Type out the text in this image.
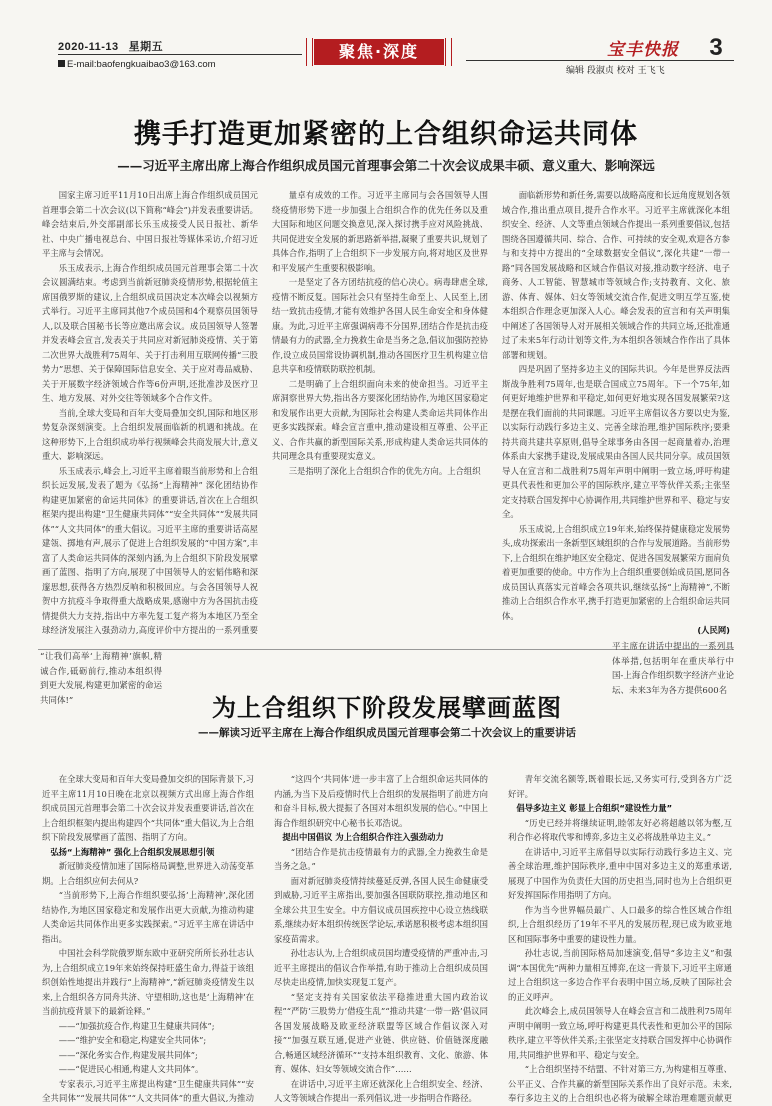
2020-11-13 星期五
E-mail:baofengkuaibao3@163.com
聚焦·深度	宝丰快报	3
编辑 段淑贞 校对 王飞飞
携手打造更加紧密的上合组织命运共同体
——习近平主席出席上海合作组织成员国元首理事会第二十次会议成果丰硕、意义重大、影响深远

国家主席习近平11月10日出席上海合作组织成员国元首理事会第二十次会议(以下简称“峰会”)并发表重要讲话。峰会结束后,外交部副部长乐玉成接受人民日报社、新华社、中央广播电视总台、中国日报社等媒体采访,介绍习近平主席与会情况。

乐玉成表示,上海合作组织成员国元首理事会第二十次会议圆满结束。考虑到当前新冠肺炎疫情形势,根据轮值主席国俄罗斯的建议,上合组织成员国决定本次峰会以视频方式举行。习近平主席同其他7个成员国和4个观察员国领导人,以及联合国秘书长等应邀出席会议。成员国领导人签署并发表峰会宣言,发表关于共同应对新冠肺炎疫情、关于第二次世界大战胜利75周年、关于打击利用互联网传播“三股势力”思想、关于保障国际信息安全、关于应对毒品威胁、关于开展数字经济领域合作等6份声明,还批准涉及医疗卫生、地方发展、对外交往等领域多个合作文件。

当前,全球大变局和百年大变局叠加交织,国际和地区形势复杂深刻演变。上合组织发展面临新的机遇和挑战。在这种形势下,上合组织成功举行视频峰会共商发展大计,意义重大、影响深远。

乐玉成表示,峰会上,习近平主席着眼当前形势和上合组织长远发展,发表了题为《弘扬“上海精神” 深化团结协作 构建更加紧密的命运共同体》的重要讲话,首次在上合组织框架内提出构建“卫生健康共同体”“安全共同体”“发展共同体”“人文共同体”的重大倡议。习近平主席的重要讲话高屋建瓴、掷地有声,展示了促进上合组织发展的“中国方案”,丰富了人类命运共同体的深刻内涵,为上合组织下阶段发展擘画了蓝图、指明了方向,展现了中国领导人的宏韬伟略和深邃思想,获得各方热烈反响和积极回应。与会各国领导人祝贺中方抗疫斗争取得重大战略成果,感谢中方为各国抗击疫情提供大力支持,指出中方率先复工复产将为本地区乃至全球经济发展注入强劲动力,高度评价中方提出的一系列重要

量卓有成效的工作。习近平主席同与会各国领导人围绕疫情形势下进一步加强上合组织合作的优先任务以及重大国际和地区问题交换意见,深入探讨携手应对风险挑战、共同促进安全发展的新思路新举措,凝聚了重要共识,规划了具体合作,指明了上合组织下一步发展方向,将对地区及世界和平发展产生重要积极影响。

一是坚定了各方团结抗疫的信心决心。病毒肆虐全球,疫情不断反复。国际社会只有坚持生命至上、人民至上,团结一致抗击疫情,才能有效维护各国人民生命安全和身体健康。为此,习近平主席强调病毒不分国界,团结合作是抗击疫情最有力的武器,全力挽救生命是当务之急,倡议加强防控协作,设立成员国常设协调机制,推动各国医疗卫生机构建立信息共享和疫情联防联控机制。

二是明确了上合组织面向未来的使命担当。习近平主席洞察世界大势,指出各方要深化团结协作,为地区国家稳定和发展作出更大贡献,为国际社会构建人类命运共同体作出更多实践探索。峰会宣言重申,推动建设相互尊重、公平正义、合作共赢的新型国际关系,形成构建人类命运共同体的共同理念具有重要现实意义。

三是指明了深化上合组织合作的优先方向。上合组织

面临新形势和新任务,需要以战略高度和长远角度规划各领域合作,推出重点项目,提升合作水平。习近平主席就深化本组织安全、经济、人文等重点领域合作提出一系列重要倡议,包括围绕各国遵循共同、综合、合作、可持续的安全观,欢迎各方参与和支持中方提出的“全球数据安全倡议”,深化共建“一带一路”同各国发展战略和区域合作倡议对接,推动数字经济、电子商务、人工智能、智慧城市等领域合作;支持教育、文化、旅游、体育、媒体、妇女等领域交流合作,促进文明互学互鉴,使本组织合作理念更加深入人心。峰会发表的宣言和有关声明集中阐述了各国领导人对开展相关领域合作的共同立场,还批准通过了未来5年行动计划等文件,为本组织各领域合作作出了具体部署和规划。

四是巩固了坚持多边主义的国际共识。今年是世界反法西斯战争胜利75周年,也是联合国成立75周年。下一个75年,如何更好地维护世界和平稳定,如何更好地实现各国发展繁荣?这是摆在我们面前的共同课题。习近平主席倡议各方要以史为鉴,以实际行动践行多边主义、完善全球治理,维护国际秩序;要秉持共商共建共享原则,倡导全球事务由各国一起商量着办,治理体系由大家携手建设,发展成果由各国人民共同分享。成员国领导人在宣言和二战胜利75周年声明中阐明一致立场,呼吁构建更具代表性和更加公平的国际秩序,建立平等伙伴关系;主张坚定支持联合国发挥中心协调作用,共同维护世界和平、稳定与安全。

乐玉成说,上合组织成立19年来,始终保持健康稳定发展势头,成功探索出一条新型区域组织的合作与发展道路。当前形势下,上合组织在维护地区安全稳定、促进各国发展繁荣方面肩负着更加重要的使命。中方作为上合组织重要创始成员国,愿同各成员国认真落实元首峰会各项共识,继续弘扬“上海精神”,不断推动上合组织合作水平,携手打造更加紧密的上合组织命运共同体。

(人民网)

“让我们高举‘上海精神’旗帜,精诚合作,砥砺前行,推动本组织得到更大发展,构建更加紧密的命运共同体!”
平主席在讲话中提出的一系列具体举措,包括明年在重庆举行中国-上海合作组织数字经济产业论坛、未来3年为各方提供600名
为上合组织下阶段发展擘画蓝图
——解读习近平主席在上海合作组织成员国元首理事会第二十次会议上的重要讲话

在全球大变局和百年大变局叠加交织的国际背景下,习近平主席11月10日晚在北京以视频方式出席上海合作组织成员国元首理事会第二十次会议并发表重要讲话,首次在上合组织框架内提出构建四个“共同体”重大倡议,为上合组织下阶段发展擘画了蓝图、指明了方向。

弘扬“上海精神” 强化上合组织发展思想引领

新冠肺炎疫情加速了国际格局调整,世界进入动荡变革期。上合组织应何去何从?

“当前形势下,上海合作组织要弘扬‘上海精神’,深化团结协作,为地区国家稳定和发展作出更大贡献,为推动构建人类命运共同体作出更多实践探索。”习近平主席在讲话中指出。

中国社会科学院俄罗斯东欧中亚研究所所长孙壮志认为,上合组织成立19年来始终保持旺盛生命力,得益于该组织创始性地提出并践行“上海精神”,“新冠肺炎疫情发生以来,上合组织各方同舟共济、守望相助,这也是‘上海精神’在当前抗疫背景下的最新诠释。”

——“加强抗疫合作,构建卫生健康共同体”;

——“维护安全和稳定,构建安全共同体”;

——“深化务实合作,构建发展共同体”;

——“促进民心相通,构建人文共同体”。

专家表示,习近平主席提出构建“卫生健康共同体”“安全共同体”“发展共同体”“人文共同体”的重大倡议,为推动

“这四个‘共同体’进一步丰富了上合组织命运共同体的内涵,为当下及后疫情时代上合组织的发展指明了前进方向和奋斗目标,极大提振了各国对本组织发展的信心。”中国上海合作组织研究中心秘书长邓浩说。

提出中国倡议 为上合组织合作注入强劲动力

“团结合作是抗击疫情最有力的武器,全力挽救生命是当务之急。”

面对新冠肺炎疫情持续蔓延反弹,各国人民生命健康受到威胁,习近平主席指出,要加强各国联防联控,推动地区和全球公共卫生安全。中方倡议成员国疾控中心设立热线联系,继续办好本组织传统医学论坛,承诺愿积极考虑本组织国家疫苗需求。

孙壮志认为,上合组织成员国均遭受疫情的严重冲击,习近平主席提出的倡议合作举措,有助于推动上合组织成员国尽快走出疫情,加快实现复工复产。

“坚定支持有关国家依法平稳推进重大国内政治议程”“严防‘三股势力’借疫生乱”“推动共建‘一带一路’倡议同各国发展战略及欧亚经济联盟等区域合作倡议深入对接”“加强互联互通,促进产业链、供应链、价值链深度融合,畅通区域经济循环”“支持本组织教育、文化、旅游、体育、媒体、妇女等领域交流合作”……

在讲话中,习近平主席还就深化上合组织安全、经济、人文等领域合作提出一系列倡议,进一步指明合作路径。

青年交流名额等,既着眼长远,又务实可行,受到各方广泛好评。

倡导多边主义 彰显上合组织“建设性力量”

“历史已经并将继续证明,睦邻友好必将超越以邻为壑,互利合作必将取代零和博弈,多边主义必将战胜单边主义。”

在讲话中,习近平主席倡导以实际行动践行多边主义、完善全球治理,维护国际秩序,重申中国对多边主义的郑重承诺,展现了中国作为负责任大国的历史担当,同时也为上合组织更好发挥国际作用指明了方向。

作为当今世界幅员最广、人口最多的综合性区域合作组织,上合组织经历了19年不平凡的发展历程,现已成为欧亚地区和国际事务中重要的建设性力量。

孙壮志说,当前国际格局加速演变,倡导“多边主义”和强调“本国优先”两种力量相互博弈,在这一背景下,习近平主席通过上合组织这一多边合作平台表明中国立场,反映了国际社会的正义呼声。

此次峰会上,成员国领导人在峰会宣言和二战胜利75周年声明中阐明一致立场,呼吁构建更具代表性和更加公平的国际秩序,建立平等伙伴关系;主张坚定支持联合国发挥中心协调作用,共同维护世界和平、稳定与安全。

“上合组织坚持不结盟、不针对第三方,为构建相互尊重、公平正义、合作共赢的新型国际关系作出了良好示范。未来,奉行多边主义的上合组织也必将为破解全球治理难题贡献更
